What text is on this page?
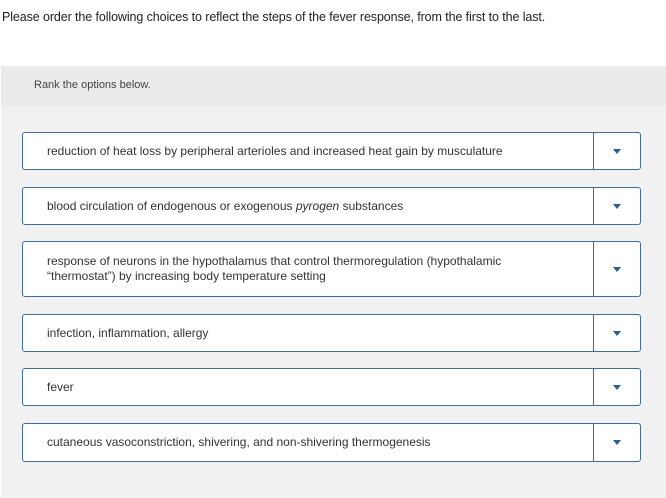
Please order the following choices to reflect the steps of the fever response, from the first to the last.
Rank the options below.
reduction of heat loss by peripheral arterioles and increased heat gain by musculature
blood circulation of endogenous or exogenous pyrogen substances
response of neurons in the hypothalamus that control thermoregulation (hypothalamic “thermostat”) by increasing body temperature setting
infection, inflammation, allergy
fever
cutaneous vasoconstriction, shivering, and non-shivering thermogenesis
